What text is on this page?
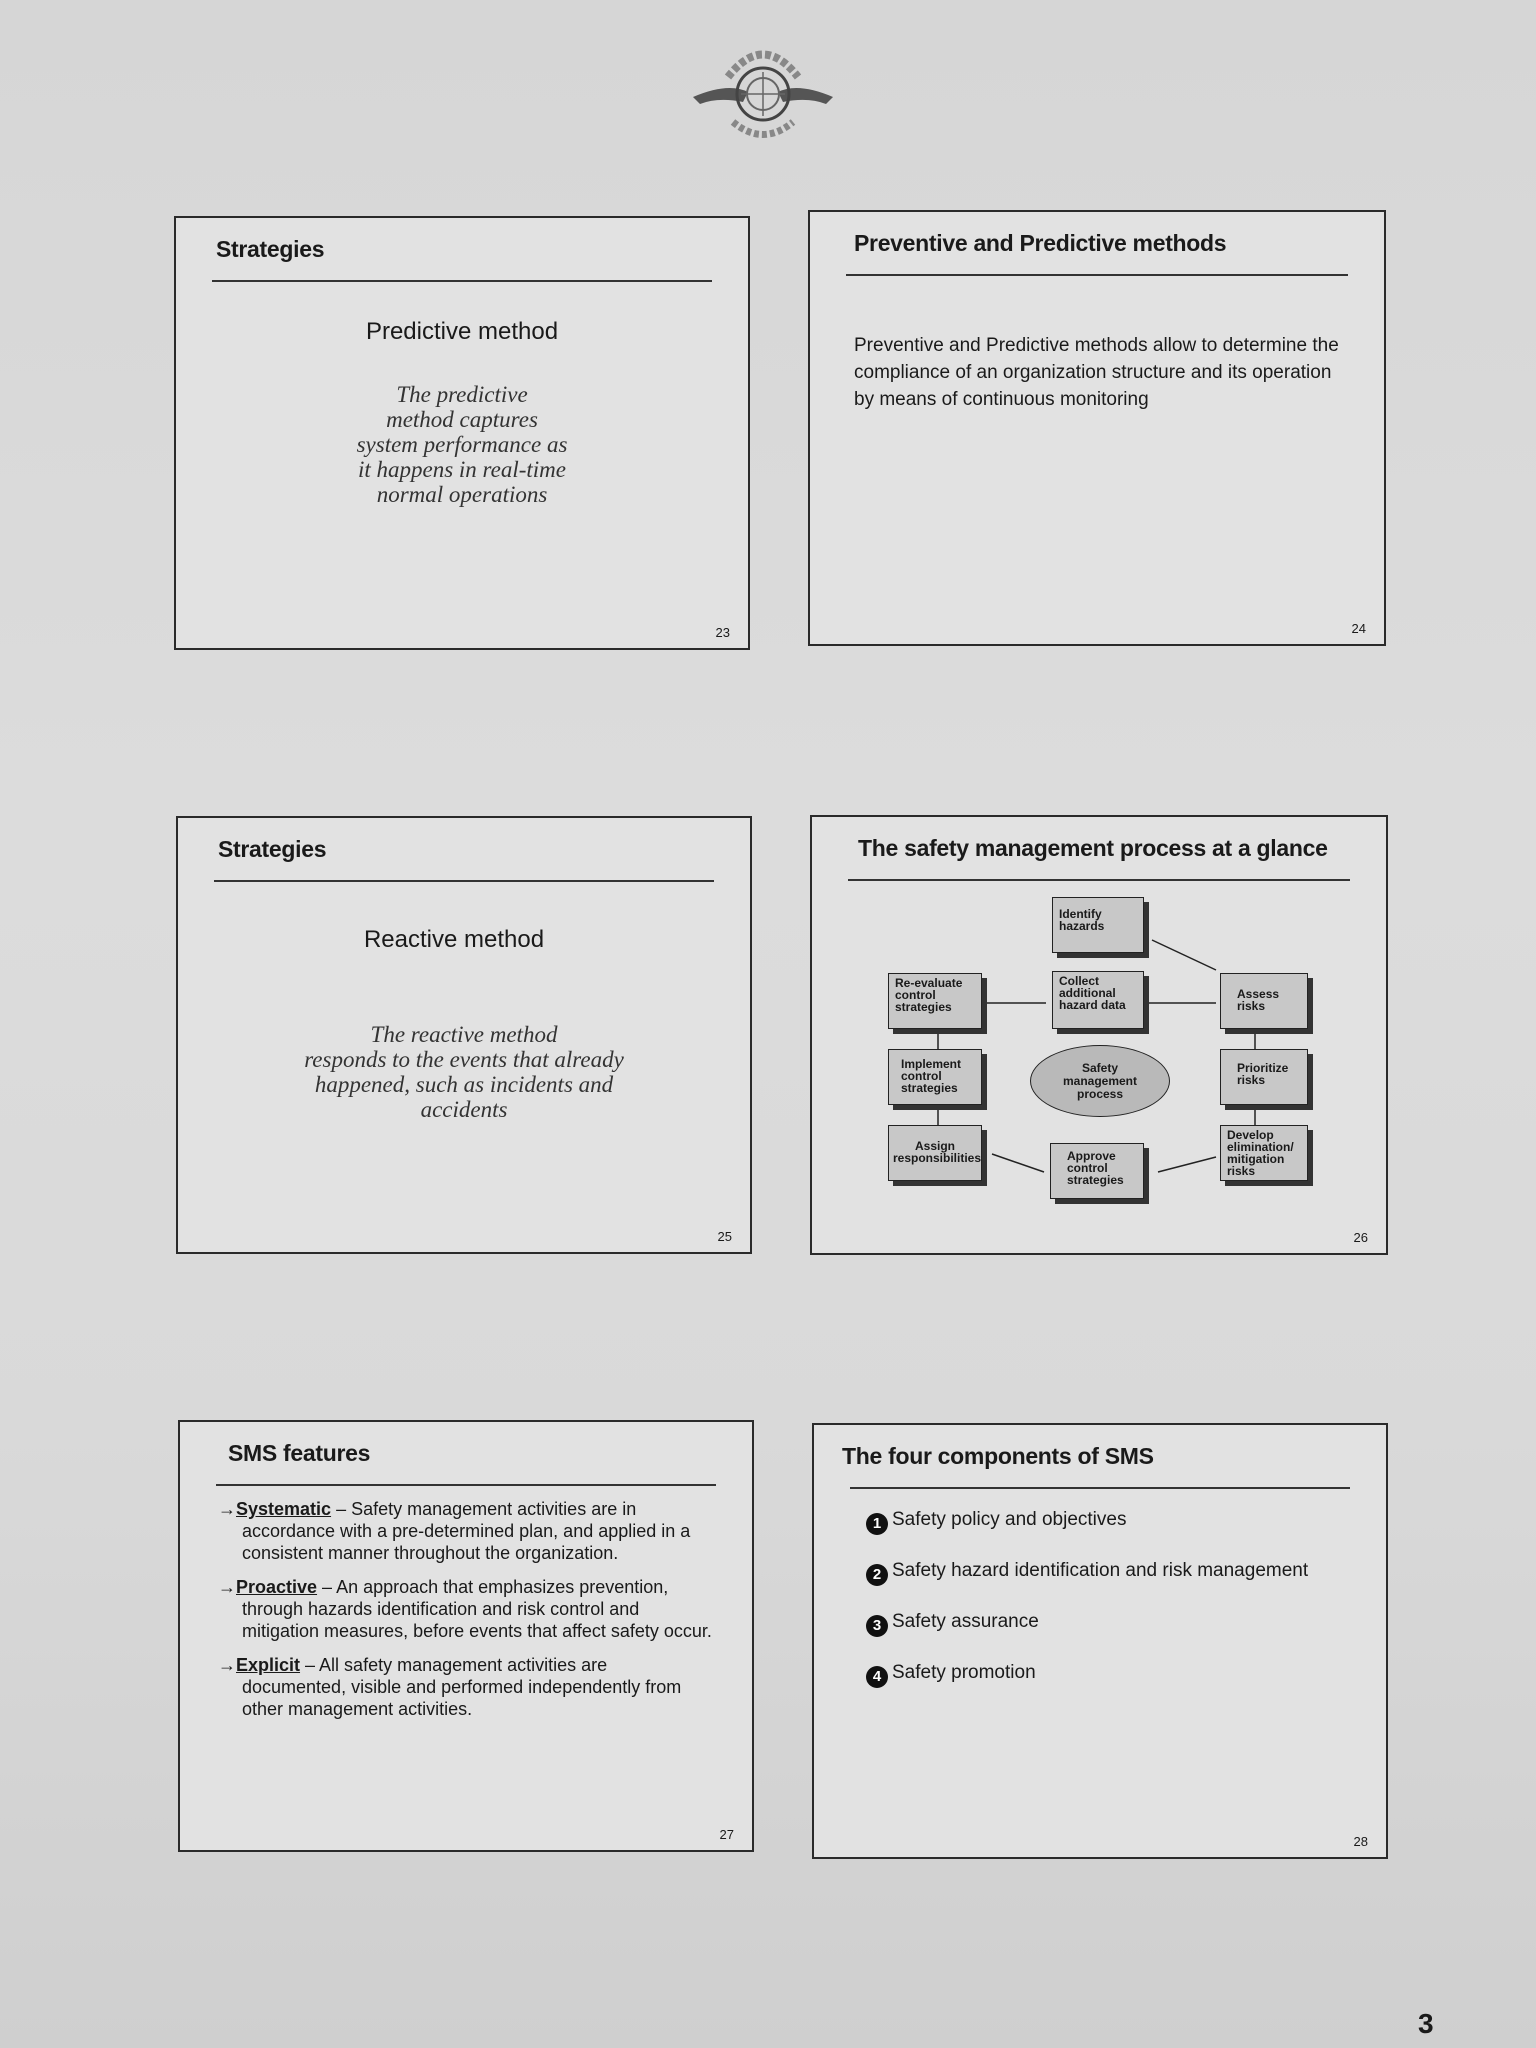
Strategies
Predictive method
The predictive
method captures
system performance as
it happens in real-time
normal operations
23
Preventive and Predictive methods
Preventive and Predictive methods allow to determine the
compliance of an organization structure and its operation
by means of continuous monitoring
24
Strategies
Reactive method
The reactive method
responds to the events that already
happened, such as incidents and
accidents
25
The safety management process at a glance
Identify hazards
Collect additional hazard data
Assess risks
Prioritize risks
Develop elimination/ mitigation risks
Approve control strategies
Assign responsibilities
Implement control strategies
Re-evaluate control strategies
Safety management process
26
SMS features

→Systematic – Safety management activities are in accordance with a pre-determined plan, and applied in a consistent manner throughout the organization.

→Proactive – An approach that emphasizes prevention, through hazards identification and risk control and mitigation measures, before events that affect safety occur.

→Explicit – All safety management activities are documented, visible and performed independently from other management activities.

27
The four components of SMS
1 Safety policy and objectives
2 Safety hazard identification and risk management
3 Safety assurance
4 Safety promotion
28
3
